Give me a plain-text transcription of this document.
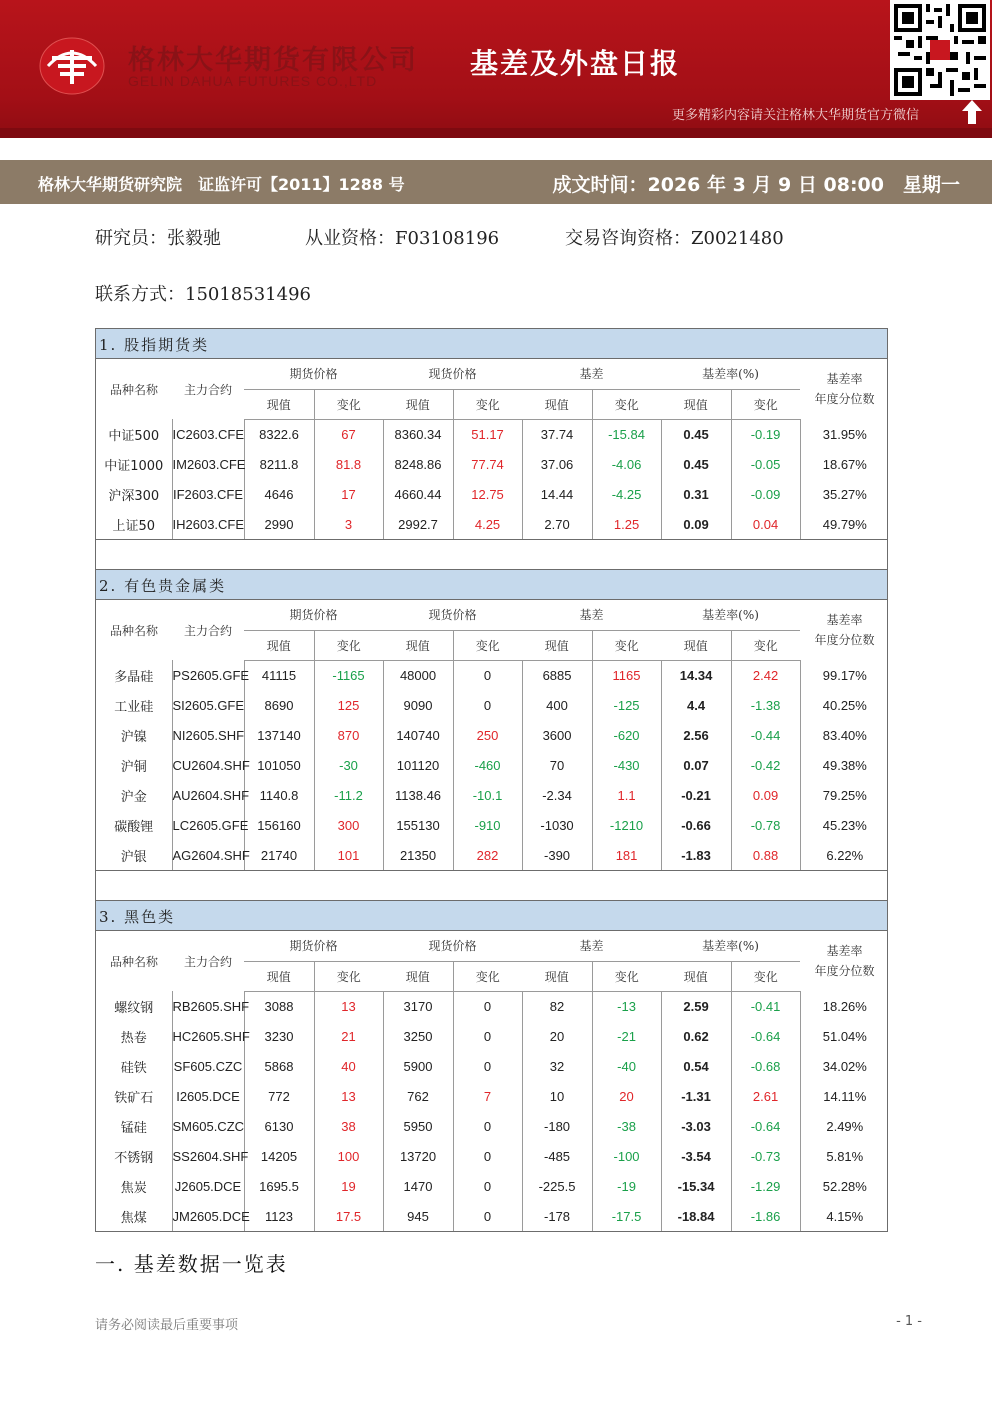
格林大华期货有限公司
GELIN DAHUA FUTURES CO.,LTD
基差及外盘日报
更多精彩内容请关注格林大华期货官方微信
格林大华期货研究院　证监许可【2011】1288 号	成文时间：2026 年 3 月 9 日 08:00　星期一
研究员：张毅驰	从业资格：F03108196	交易咨询资格：Z0021480
联系方式：15018531496
1. 股指期货类
品种名称	主力合约	期货价格		现货价格		基差		基差率(%)		基差率
年度分位数
		现值	变化	现值	变化	现值	变化	现值	变化	
中证500	IC2603.CFE	8322.6	67	8360.34	51.17	37.74	-15.84	0.45	-0.19	31.95%
中证1000	IM2603.CFE	8211.8	81.8	8248.86	77.74	37.06	-4.06	0.45	-0.05	18.67%
沪深300	IF2603.CFE	4646	17	4660.44	12.75	14.44	-4.25	0.31	-0.09	35.27%
上证50	IH2603.CFE	2990	3	2992.7	4.25	2.70	1.25	0.09	0.04	49.79%
2. 有色贵金属类
品种名称	主力合约	期货价格		现货价格		基差		基差率(%)		基差率
年度分位数
		现值	变化	现值	变化	现值	变化	现值	变化	
多晶硅	PS2605.GFE	41115	-1165	48000	0	6885	1165	14.34	2.42	99.17%
工业硅	SI2605.GFE	8690	125	9090	0	400	-125	4.4	-1.38	40.25%
沪镍	NI2605.SHF	137140	870	140740	250	3600	-620	2.56	-0.44	83.40%
沪铜	CU2604.SHF	101050	-30	101120	-460	70	-430	0.07	-0.42	49.38%
沪金	AU2604.SHF	1140.8	-11.2	1138.46	-10.1	-2.34	1.1	-0.21	0.09	79.25%
碳酸锂	LC2605.GFE	156160	300	155130	-910	-1030	-1210	-0.66	-0.78	45.23%
沪银	AG2604.SHF	21740	101	21350	282	-390	181	-1.83	0.88	6.22%
3. 黑色类
品种名称	主力合约	期货价格		现货价格		基差		基差率(%)		基差率
年度分位数
		现值	变化	现值	变化	现值	变化	现值	变化	
螺纹钢	RB2605.SHF	3088	13	3170	0	82	-13	2.59	-0.41	18.26%
热卷	HC2605.SHF	3230	21	3250	0	20	-21	0.62	-0.64	51.04%
硅铁	SF605.CZC	5868	40	5900	0	32	-40	0.54	-0.68	34.02%
铁矿石	I2605.DCE	772	13	762	7	10	20	-1.31	2.61	14.11%
锰硅	SM605.CZC	6130	38	5950	0	-180	-38	-3.03	-0.64	2.49%
不锈钢	SS2604.SHF	14205	100	13720	0	-485	-100	-3.54	-0.73	5.81%
焦炭	J2605.DCE	1695.5	19	1470	0	-225.5	-19	-15.34	-1.29	52.28%
焦煤	JM2605.DCE	1123	17.5	945	0	-178	-17.5	-18.84	-1.86	4.15%
一. 基差数据一览表
请务必阅读最后重要事项	- 1 -
